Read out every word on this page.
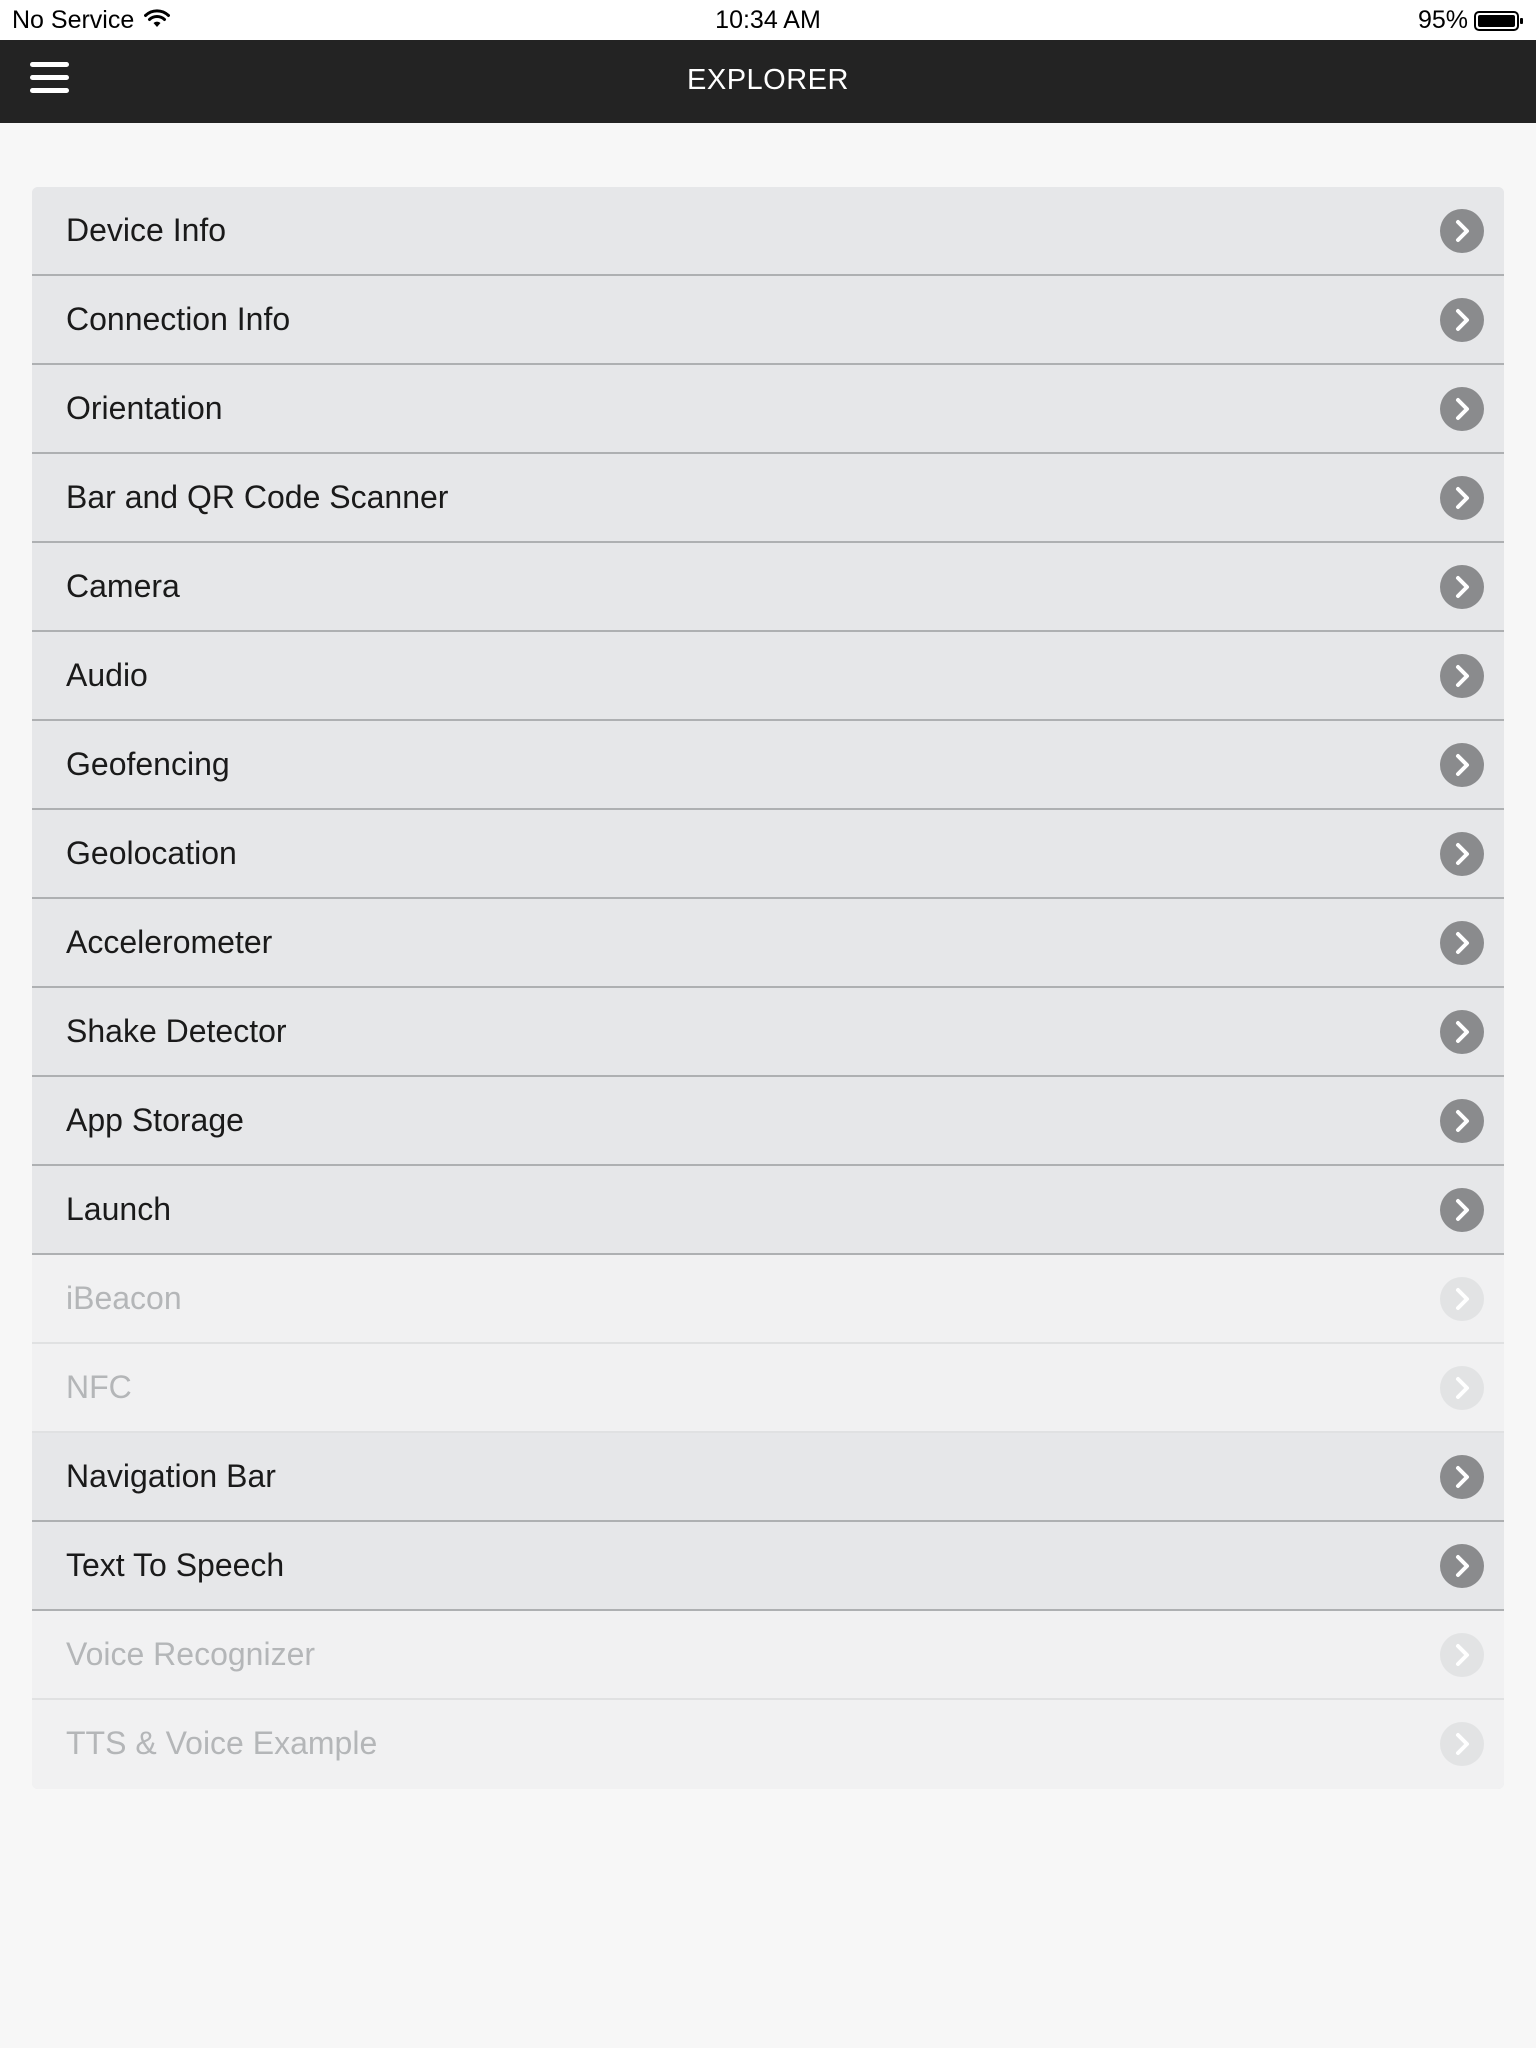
No Service	10:34 AM	95%
EXPLORER
Device Info
Connection Info
Orientation
Bar and QR Code Scanner
Camera
Audio
Geofencing
Geolocation
Accelerometer
Shake Detector
App Storage
Launch
iBeacon
NFC
Navigation Bar
Text To Speech
Voice Recognizer
TTS & Voice Example
